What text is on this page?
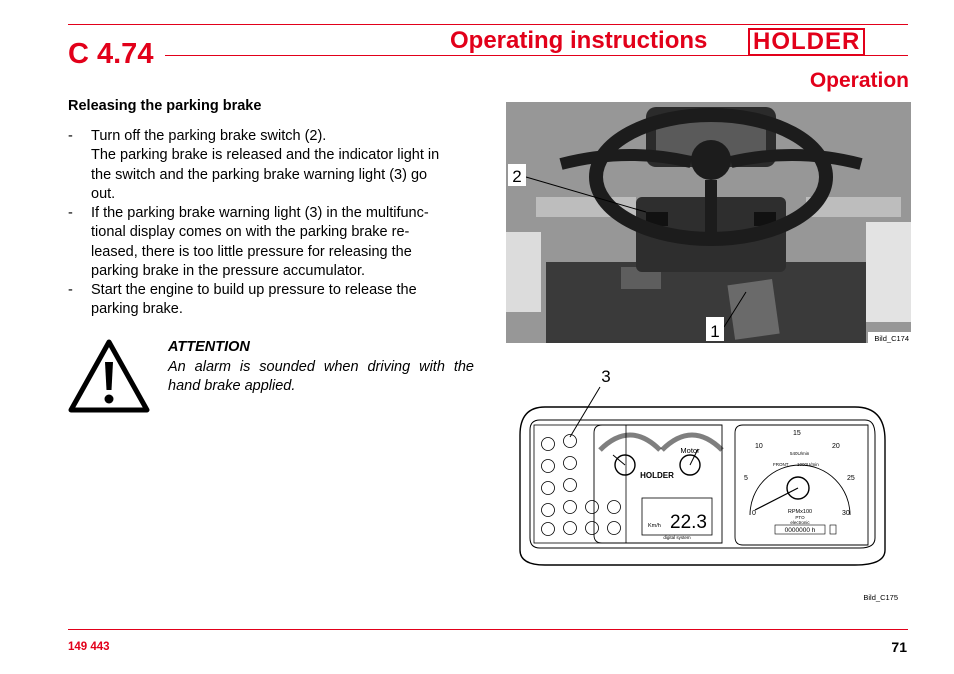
C 4.74	Operating instructions HOLDER
Operation
Releasing the parking brake
- Turn off the parking brake switch (2).
The parking brake is released and the indicator light in
the switch and the parking brake warning light (3) go
out.
- If the parking brake warning light (3) in the multifunc-
tional display comes on with the parking brake re-
leased, there is too little pressure for releasing the
parking brake in the pressure accumulator.
- Start the engine to build up pressure to release the
parking brake.
ATTENTION
An alarm is sounded when driving with the hand brake applied.
2
1	Bild_C174
3
Motor
HOLDER
Km/h 22.3
digital system
0
5
10
15
20
25
30
540U/min
FRONT 1000U/min
RPMx100
PTO
electronic
0000000 h
Bild_C175
149 443	71
